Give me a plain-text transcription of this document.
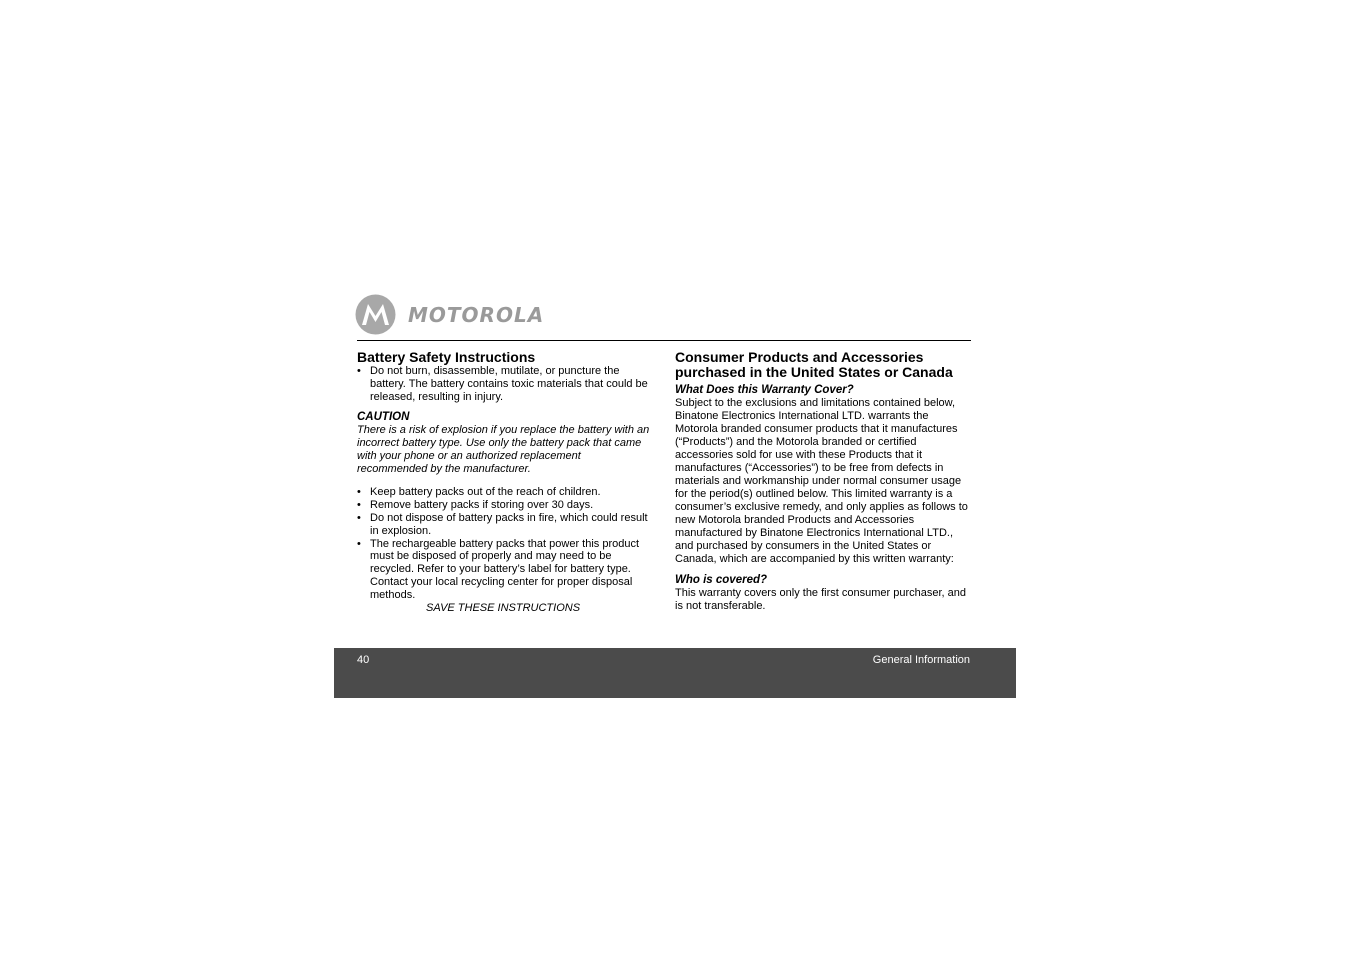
MOTOROLA
Battery Safety Instructions
• Do not burn, disassemble, mutilate, or puncture the battery. The battery contains toxic materials that could be released, resulting in injury.
CAUTION

There is a risk of explosion if you replace the battery with an incorrect battery type. Use only the battery pack that came with your phone or an authorized replacement recommended by the manufacturer.

• Keep battery packs out of the reach of children.
• Remove battery packs if storing over 30 days.
• Do not dispose of battery packs in fire, which could result in explosion.
• The rechargeable battery packs that power this product must be disposed of properly and may need to be recycled. Refer to your battery’s label for battery type. Contact your local recycling center for proper disposal methods.
SAVE THESE INSTRUCTIONS
Consumer Products and Accessories purchased in the United States or Canada
What Does this Warranty Cover?

Subject to the exclusions and limitations contained below, Binatone Electronics International LTD. warrants the Motorola branded consumer products that it manufactures (“Products”) and the Motorola branded or certified accessories sold for use with these Products that it manufactures (“Accessories”) to be free from defects in materials and workmanship under normal consumer usage for the period(s) outlined below. This limited warranty is a consumer’s exclusive remedy, and only applies as follows to new Motorola branded Products and Accessories manufactured by Binatone Electronics International LTD., and purchased by consumers in the United States or Canada, which are accompanied by this written warranty:

Who is covered?

This warranty covers only the first consumer purchaser, and is not transferable.

40	General Information
